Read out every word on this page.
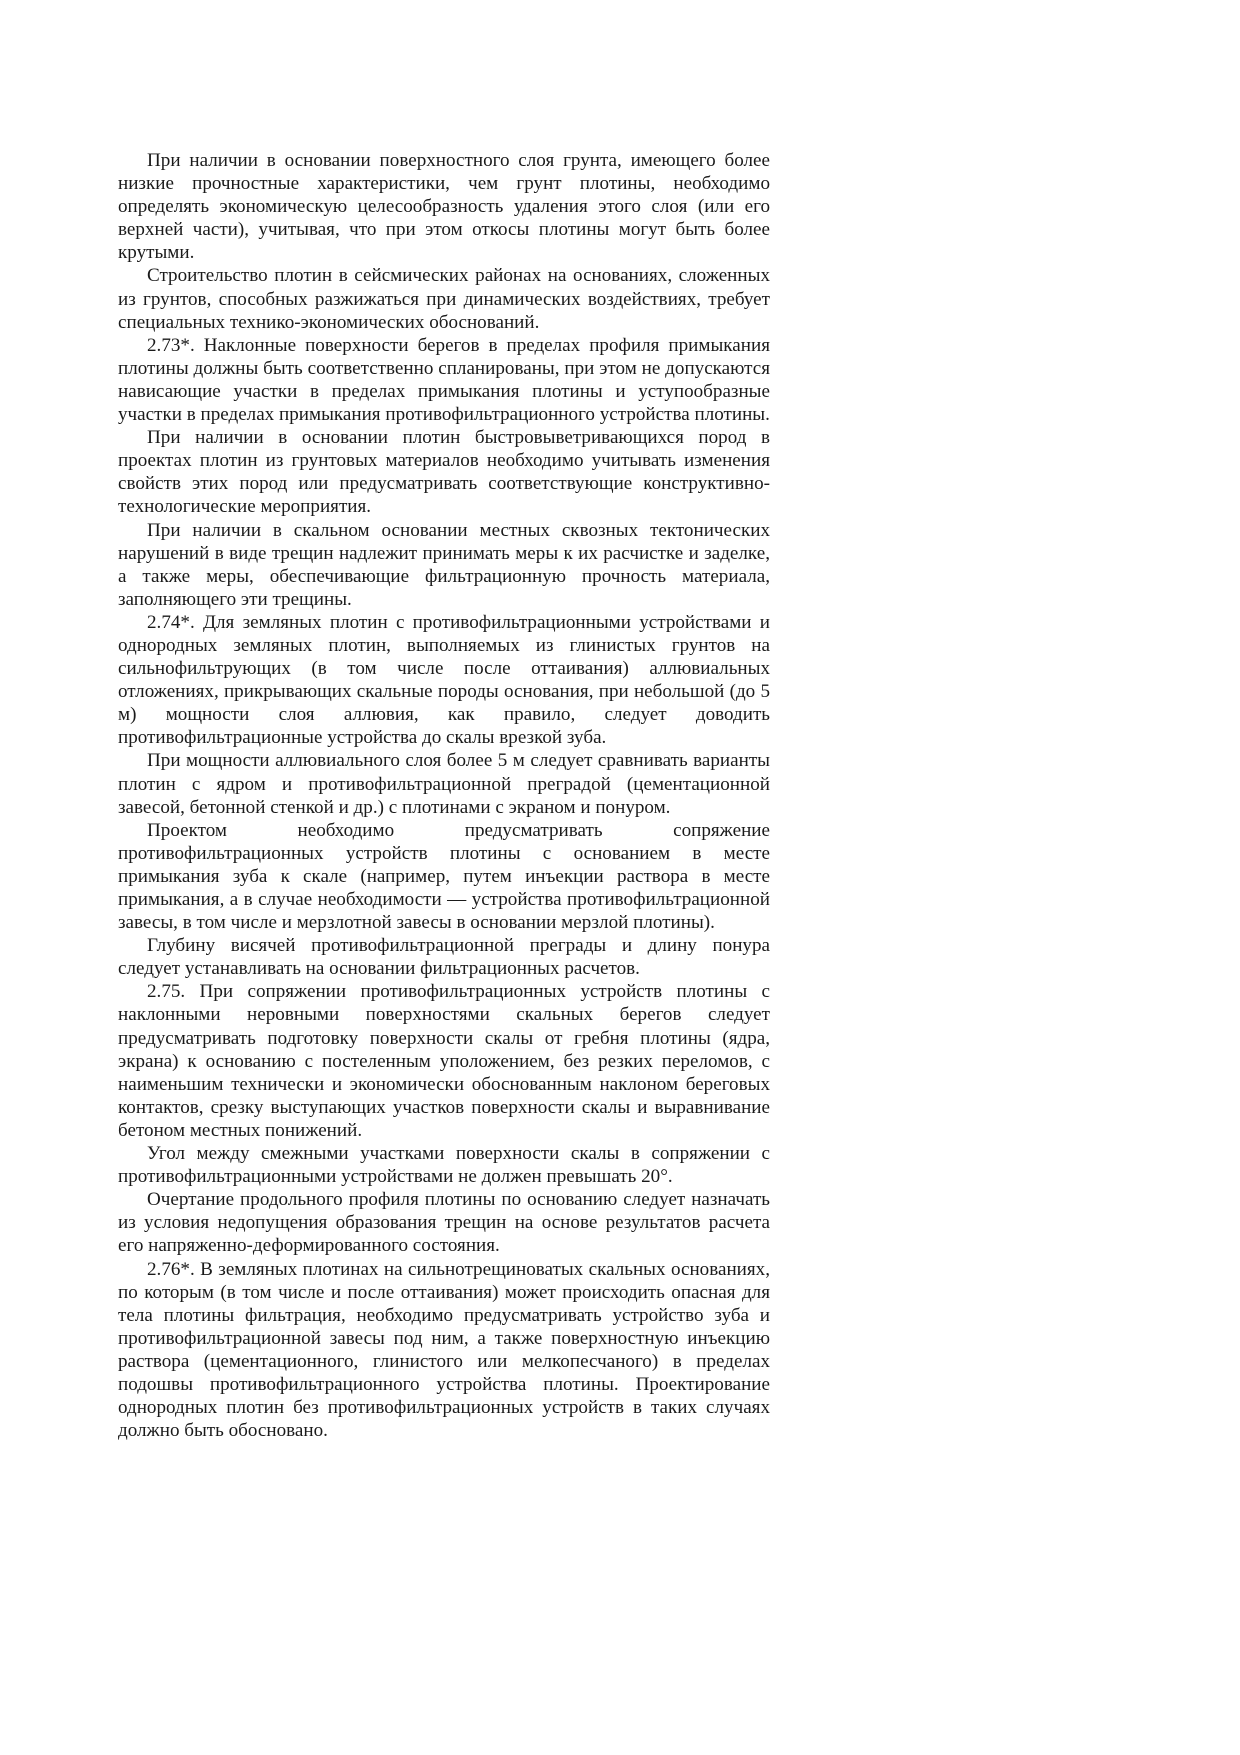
При наличии в основании поверхностного слоя грунта, имеющего более низкие прочностные характеристики, чем грунт плотины, необходимо определять экономическую целесообразность удаления этого слоя (или его верхней части), учитывая, что при этом откосы плотины могут быть более крутыми.

Строительство плотин в сейсмических районах на основаниях, сложенных из грунтов, способных разжижаться при динамических воздействиях, требует специальных технико-экономических обоснований.

2.73*. Наклонные поверхности берегов в пределах профиля примыкания плотины должны быть соответственно спланированы, при этом не допускаются нависающие участки в пределах примыкания плотины и уступообразные участки в пределах примыкания противофильтрационного устройства плотины.

При наличии в основании плотин быстровыветривающихся пород в проектах плотин из грунтовых материалов необходимо учитывать изменения свойств этих пород или предусматривать соответствующие конструктивно-технологические мероприятия.

При наличии в скальном основании местных сквозных тектонических нарушений в виде трещин надлежит принимать меры к их расчистке и заделке, а также меры, обеспечивающие фильтрационную прочность материала, заполняющего эти трещины.

2.74*. Для земляных плотин с противофильтрационными устройствами и однородных земляных плотин, выполняемых из глинистых грунтов на сильнофильтрующих (в том числе после оттаивания) аллювиальных отложениях, прикрывающих скальные породы основания, при небольшой (до 5 м) мощности слоя аллювия, как правило, следует доводить противофильтрационные устройства до скалы врезкой зуба.

При мощности аллювиального слоя более 5 м следует сравнивать варианты плотин с ядром и противофильтрационной преградой (цементационной завесой, бетонной стенкой и др.) с плотинами с экраном и понуром.

Проектом необходимо предусматривать сопряжение противофильтрационных устройств плотины с основанием в месте примыкания зуба к скале (например, путем инъекции раствора в месте примыкания, а в случае необходимости — устройства противофильтрационной завесы, в том числе и мерзлотной завесы в основании мерзлой плотины).

Глубину висячей противофильтрационной преграды и длину понура следует устанавливать на основании фильтрационных расчетов.

2.75. При сопряжении противофильтрационных устройств плотины с наклонными неровными поверхностями скальных берегов следует предусматривать подготовку поверхности скалы от гребня плотины (ядра, экрана) к основанию с постеленным уположением, без резких переломов, с наименьшим технически и экономически обоснованным наклоном береговых контактов, срезку выступающих участков поверхности скалы и выравнивание бетоном местных понижений.

Угол между смежными участками поверхности скалы в сопряжении с противофильтрационными устройствами не должен превышать 20°.

Очертание продольного профиля плотины по основанию следует назначать из условия недопущения образования трещин на основе результатов расчета его напряженно-деформированного состояния.

2.76*. В земляных плотинах на сильнотрещиноватых скальных основаниях, по которым (в том числе и после оттаивания) может происходить опасная для тела плотины фильтрация, необходимо предусматривать устройство зуба и противофильтрационной завесы под ним, а также поверхностную инъекцию раствора (цементационного, глинистого или мелкопесчаного) в пределах подошвы противофильтрационного устройства плотины. Проектирование однородных плотин без противофильтрационных устройств в таких случаях должно быть обосновано.
